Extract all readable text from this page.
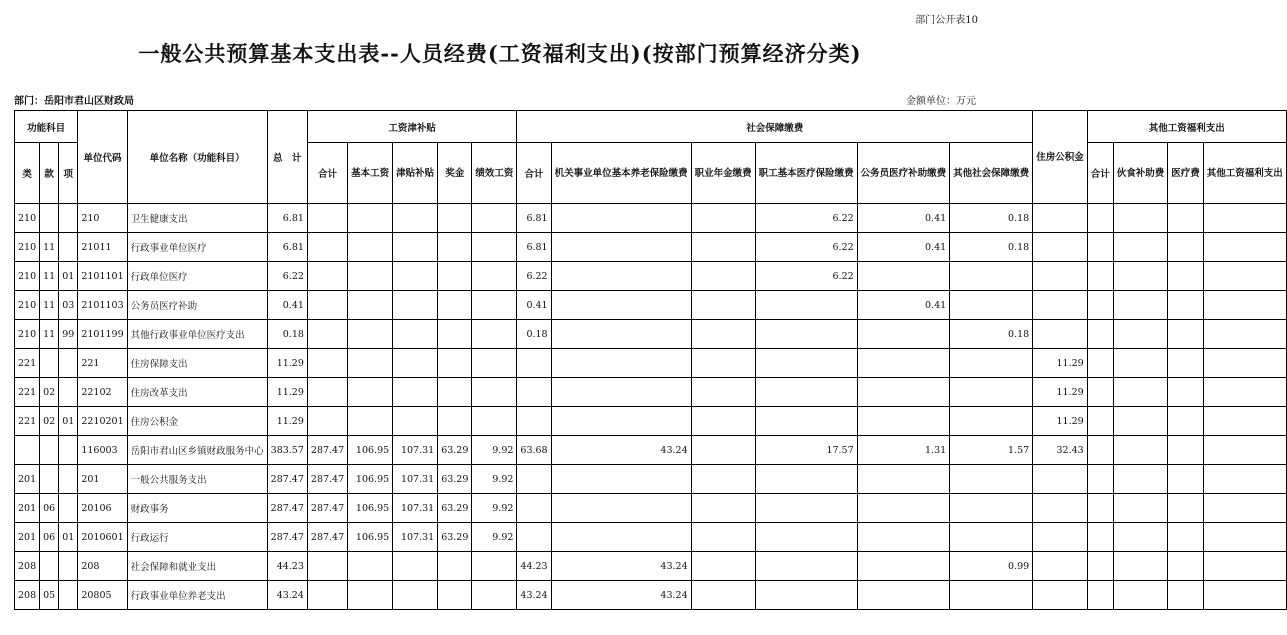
部门公开表10
一般公共预算基本支出表--人员经费(工资福利支出)(按部门预算经济分类)
部门：岳阳市君山区财政局	金额单位：万元
功能科目			单位代码	单位名称（功能科目）	总　计	工资津补贴					社会保障缴费						住房公积金	其他工资福利支出			
类	款	项				合计	基本工资	津贴补贴	奖金	绩效工资	合计	机关事业单位基本养老保险缴费	职业年金缴费	职工基本医疗保险缴费	公务员医疗补助缴费	其他社会保障缴费		合计	伙食补助费	医疗费	其他工资福利支出
210			210	卫生健康支出	6.81						6.81			6.22	0.41	0.18					
210	11		21011	行政事业单位医疗	6.81						6.81			6.22	0.41	0.18					
210	11	01	2101101	行政单位医疗	6.22						6.22			6.22							
210	11	03	2101103	公务员医疗补助	0.41						0.41				0.41						
210	11	99	2101199	其他行政事业单位医疗支出	0.18						0.18					0.18					
221			221	住房保障支出	11.29												11.29				
221	02		22102	住房改革支出	11.29												11.29				
221	02	01	2210201	住房公积金	11.29												11.29				
			116003	岳阳市君山区乡镇财政服务中心	383.57	287.47	106.95	107.31	63.29	9.92	63.68	43.24		17.57	1.31	1.57	32.43				
201			201	一般公共服务支出	287.47	287.47	106.95	107.31	63.29	9.92											
201	06		20106	财政事务	287.47	287.47	106.95	107.31	63.29	9.92											
201	06	01	2010601	行政运行	287.47	287.47	106.95	107.31	63.29	9.92											
208			208	社会保障和就业支出	44.23						44.23	43.24				0.99					
208	05		20805	行政事业单位养老支出	43.24						43.24	43.24									
